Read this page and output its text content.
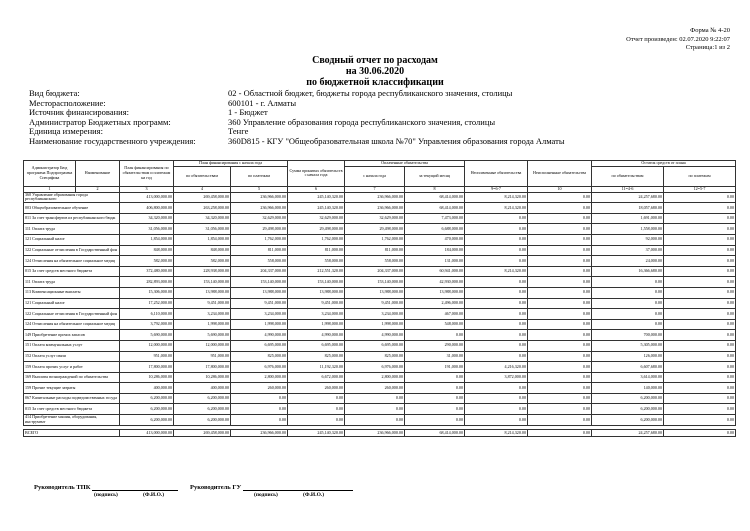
Форма № 4-20
Отчет произведен: 02.07.2020 9:22:07
Страница:1 из 2
Сводный отчет по расходам
на 30.06.2020
по бюджетной классификации
Вид бюджета:	02 - Областной бюджет, бюджеты города республиканского значения, столицы
Месторасположение:	600101 - г. Алматы
Источник финансирования:	1 - Бюджет
Администратор Бюджетных программ:	360 Управление образования города республиканского значения, столицы
Единица измерения:	Тенге
Наименование государственного учреждения:	360D815 - КГУ "Общеобразовательная школа №70" Управления образования города Алматы
Администратор Бюд программа Подпрограмма Специфика	Наименование	План финансирования по обязательствам и платежам на год	План финансирования с начала года		Сумма принятых обязательств с начала года	Оплаченные обязательства		Неоплаченные обязательства	Неисполненные обязательства	Остаток средств от плана	
			по обязательствам	по платежам		с начала года	за текущий месяц			по обязательствам	по платежам
1	2	3	4	5	6	7	8	9=6-7	10	11=4-6	12=5-7
360 Управление образования города республиканского		413,000,000.00	269,458,000.00	236,966,000.00	245,140,320.00	236,966,000.00	68,414,000.00	8,214,320.00	0.00	24,257,680.00	0.00
003 Общеобразовательное обучение		406,800,000.00	263,258,000.00	236,966,000.00	245,140,320.00	236,966,000.00	68,414,000.00	8,214,320.00	0.00	18,057,680.00	0.00
011 За счет трансфертов из республиканского бюдж		34,320,000.00	34,320,000.00	32,629,000.00	32,629,000.00	32,629,000.00	7,473,000.00	0.00	0.00	1,691,000.00	0.00
111 Оплата труда		31,056,000.00	31,056,000.00	29,498,000.00	29,498,000.00	29,498,000.00	6,688,000.00	0.00	0.00	1,558,000.00	0.00
121 Социальный налог		1,854,000.00	1,854,000.00	1,762,000.00	1,762,000.00	1,762,000.00	470,000.00	0.00	0.00	92,000.00	0.00
122 Социальные отчисления в Государственный фон		848,000.00	848,000.00	811,000.00	811,000.00	811,000.00	184,000.00	0.00	0.00	37,000.00	0.00
124 Отчисления на обязательное социальное медиц		582,000.00	582,000.00	558,000.00	558,000.00	558,000.00	131,000.00	0.00	0.00	24,000.00	0.00
015 За счет средств местного бюджета		372,480,000.00	228,938,000.00	204,337,000.00	212,551,320.00	204,337,000.00	60,941,000.00	8,214,320.00	0.00	16,366,680.00	0.00
111 Оплата труда		282,893,000.00	153,140,000.00	153,140,000.00	153,140,000.00	153,140,000.00	42,930,000.00	0.00	0.00	0.00	0.00
113 Компенсационные выплаты		15,306,000.00	13,988,000.00	13,988,000.00	13,988,000.00	13,988,000.00	13,988,000.00	0.00	0.00	0.00	0.00
121 Социальный налог		17,252,000.00	9,451,000.00	9,451,000.00	9,451,000.00	9,451,000.00	2,496,000.00	0.00	0.00	0.00	0.00
122 Социальные отчисления в Государственный фон		6,110,000.00	3,234,000.00	3,234,000.00	3,234,000.00	3,234,000.00	467,000.00	0.00	0.00	0.00	0.00
124 Отчисления на обязательное социальное медиц		3,792,000.00	1,998,000.00	1,998,000.00	1,998,000.00	1,998,000.00	548,000.00	0.00	0.00	0.00	0.00
149 Приобретение прочих запасов		5,690,000.00	5,690,000.00	4,990,000.00	4,990,000.00	4,990,000.00	0.00	0.00	0.00	700,000.00	0.00
151 Оплата коммунальных услуг		12,000,000.00	12,000,000.00	6,695,000.00	6,695,000.00	6,695,000.00	290,000.00	0.00	0.00	5,305,000.00	0.00
152 Оплата услуг связи		951,000.00	951,000.00	825,000.00	825,000.00	825,000.00	31,000.00	0.00	0.00	126,000.00	0.00
159 Оплата прочих услуг и работ		17,800,000.00	17,800,000.00	6,976,000.00	11,192,320.00	6,976,000.00	191,000.00	4,216,320.00	0.00	6,607,680.00	0.00
169 Выплаты вознаграждений по обязательства		10,286,000.00	10,286,000.00	2,800,000.00	6,672,000.00	2,800,000.00	0.00	3,872,000.00	0.00	3,614,000.00	0.00
159 Прочие текущие затраты		400,000.00	400,000.00	260,000.00	260,000.00	260,000.00	0.00	0.00	0.00	140,000.00	0.00
067 Капитальные расходы подведомственных госуда		6,200,000.00	6,200,000.00	0.00	0.00	0.00	0.00	0.00	0.00	6,200,000.00	0.00
015 За счет средств местного бюджета		6,200,000.00	6,200,000.00	0.00	0.00	0.00	0.00	0.00	0.00	6,200,000.00	0.00
414 Приобретение машин, оборудования, инструмент		6,200,000.00	6,200,000.00	0.00	0.00	0.00	0.00	0.00	0.00	6,200,000.00	0.00

ВСЕГО		413,000,000.00	269,458,000.00	236,966,000.00	245,140,320.00	236,966,000.00	68,414,000.00	8,214,320.00	0.00	24,257,680.00	0.00
Руководитель ТПК	Руководитель ГУ
(подпись)	(Ф.И.О.)	(подпись)	(Ф.И.О.)
